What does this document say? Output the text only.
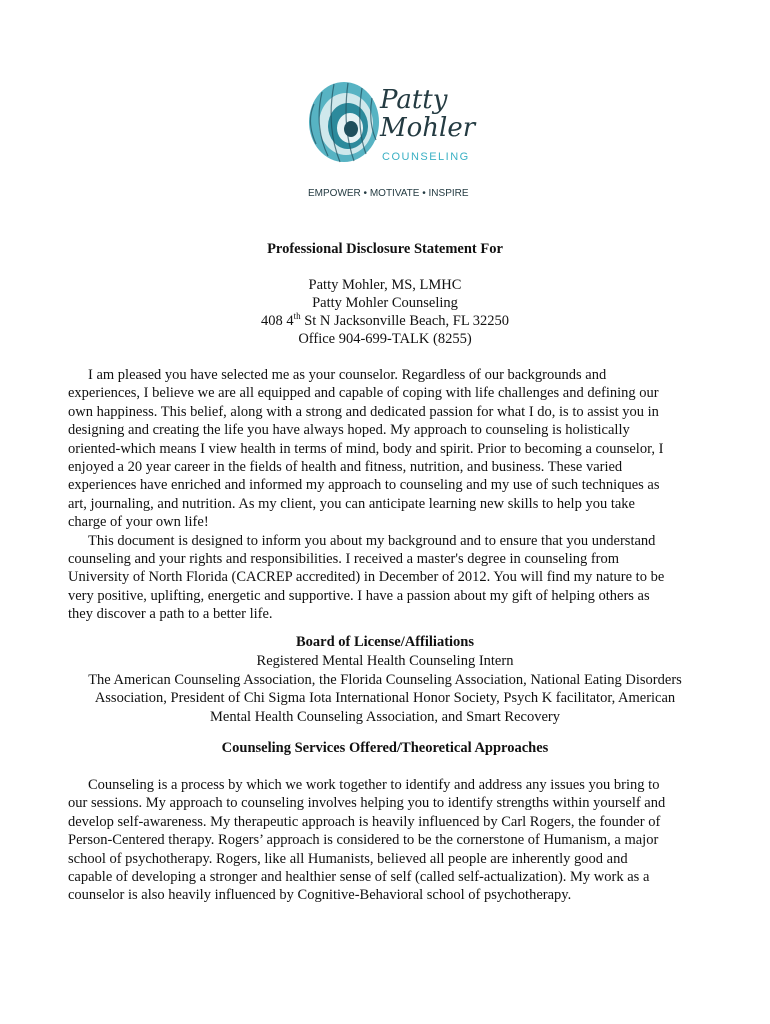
Patty
Mohler
COUNSELING
EMPOWER • MOTIVATE • INSPIRE
Professional Disclosure Statement For
Patty Mohler, MS, LMHC
Patty Mohler Counseling
408 4th St N Jacksonville Beach, FL 32250
Office 904-699-TALK (8255)
I am pleased you have selected me as your counselor. Regardless of our backgrounds and
experiences, I believe we are all equipped and capable of coping with life challenges and defining our
own happiness. This belief, along with a strong and dedicated passion for what I do, is to assist you in
designing and creating the life you have always hoped. My approach to counseling is holistically
oriented-which means I view health in terms of mind, body and spirit. Prior to becoming a counselor, I
enjoyed a 20 year career in the fields of health and fitness, nutrition, and business. These varied
experiences have enriched and informed my approach to counseling and my use of such techniques as
art, journaling, and nutrition. As my client, you can anticipate learning new skills to help you take
charge of your own life!
This document is designed to inform you about my background and to ensure that you understand
counseling and your rights and responsibilities. I received a master's degree in counseling from
University of North Florida (CACREP accredited) in December of 2012. You will find my nature to be
very positive, uplifting, energetic and supportive. I have a passion about my gift of helping others as
they discover a path to a better life.
Board of License/Affiliations
Registered Mental Health Counseling Intern
The American Counseling Association, the Florida Counseling Association, National Eating Disorders
Association, President of Chi Sigma Iota International Honor Society, Psych K facilitator, American
Mental Health Counseling Association, and Smart Recovery
Counseling Services Offered/Theoretical Approaches
Counseling is a process by which we work together to identify and address any issues you bring to
our sessions. My approach to counseling involves helping you to identify strengths within yourself and
develop self-awareness. My therapeutic approach is heavily influenced by Carl Rogers, the founder of
Person-Centered therapy. Rogers’ approach is considered to be the cornerstone of Humanism, a major
school of psychotherapy. Rogers, like all Humanists, believed all people are inherently good and
capable of developing a stronger and healthier sense of self (called self-actualization). My work as a
counselor is also heavily influenced by Cognitive-Behavioral school of psychotherapy.
